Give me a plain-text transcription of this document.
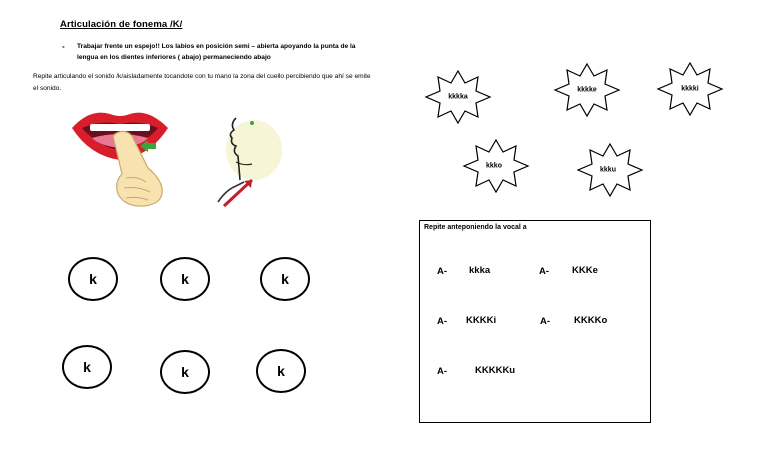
Articulación de fonema /K/
- Trabajar frente un espejo!! Los labios en posición semi – abierta apoyando la punta de la lengua en los dientes inferiores ( abajo) permaneciendo abajo
Repite articulando el sonido /k/aisladamente tocandote con tu mano la zona del cuello percibiendo que ahí se emite el sonido.
k	k	k
k	k	k
kkkka
kkkke	kkkki
kkko
kkku
Repite anteponiendo la vocal a
A- kkka	A- KKKe
A- KKKKi	A-	KKKKo
A-	KKKKKu
